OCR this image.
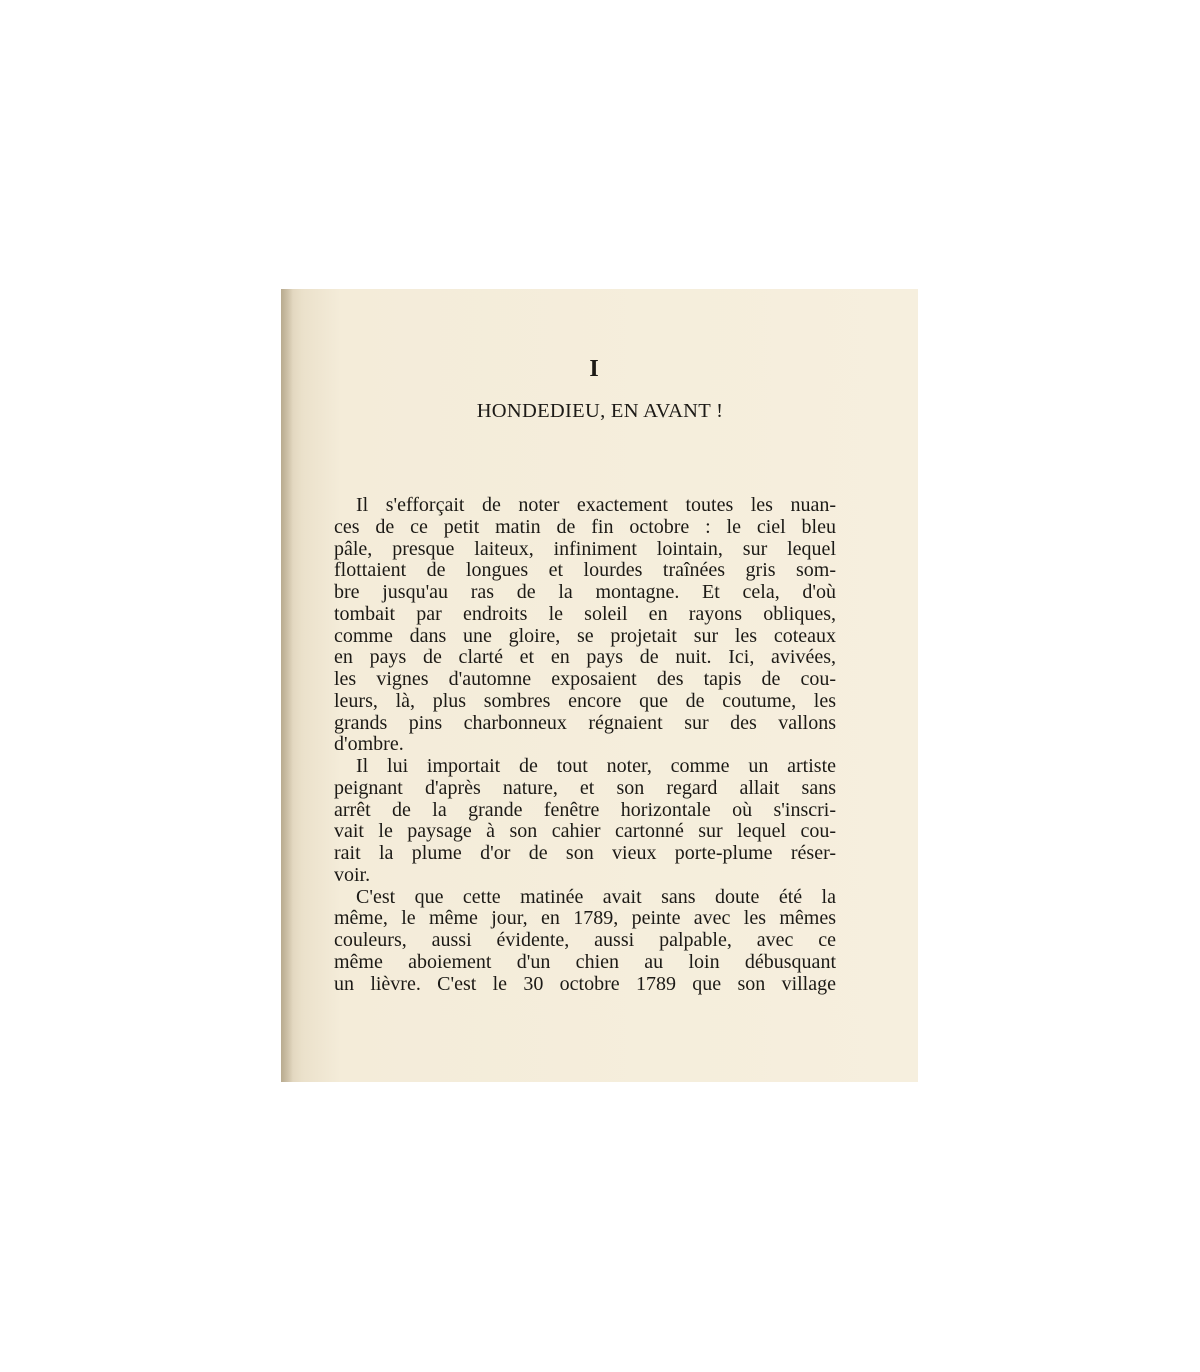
I
HONDEDIEU, EN AVANT !
Il s'efforçait de noter exactement toutes les nuan-
ces de ce petit matin de fin octobre : le ciel bleu
pâle, presque laiteux, infiniment lointain, sur lequel
flottaient de longues et lourdes traînées gris som-
bre jusqu'au ras de la montagne. Et cela, d'où
tombait par endroits le soleil en rayons obliques,
comme dans une gloire, se projetait sur les coteaux
en pays de clarté et en pays de nuit. Ici, avivées,
les vignes d'automne exposaient des tapis de cou-
leurs, là, plus sombres encore que de coutume, les
grands pins charbonneux régnaient sur des vallons
d'ombre.
Il lui importait de tout noter, comme un artiste
peignant d'après nature, et son regard allait sans
arrêt de la grande fenêtre horizontale où s'inscri-
vait le paysage à son cahier cartonné sur lequel cou-
rait la plume d'or de son vieux porte-plume réser-
voir.
C'est que cette matinée avait sans doute été la
même, le même jour, en 1789, peinte avec les mêmes
couleurs, aussi évidente, aussi palpable, avec ce
même aboiement d'un chien au loin débusquant
un lièvre. C'est le 30 octobre 1789 que son village
